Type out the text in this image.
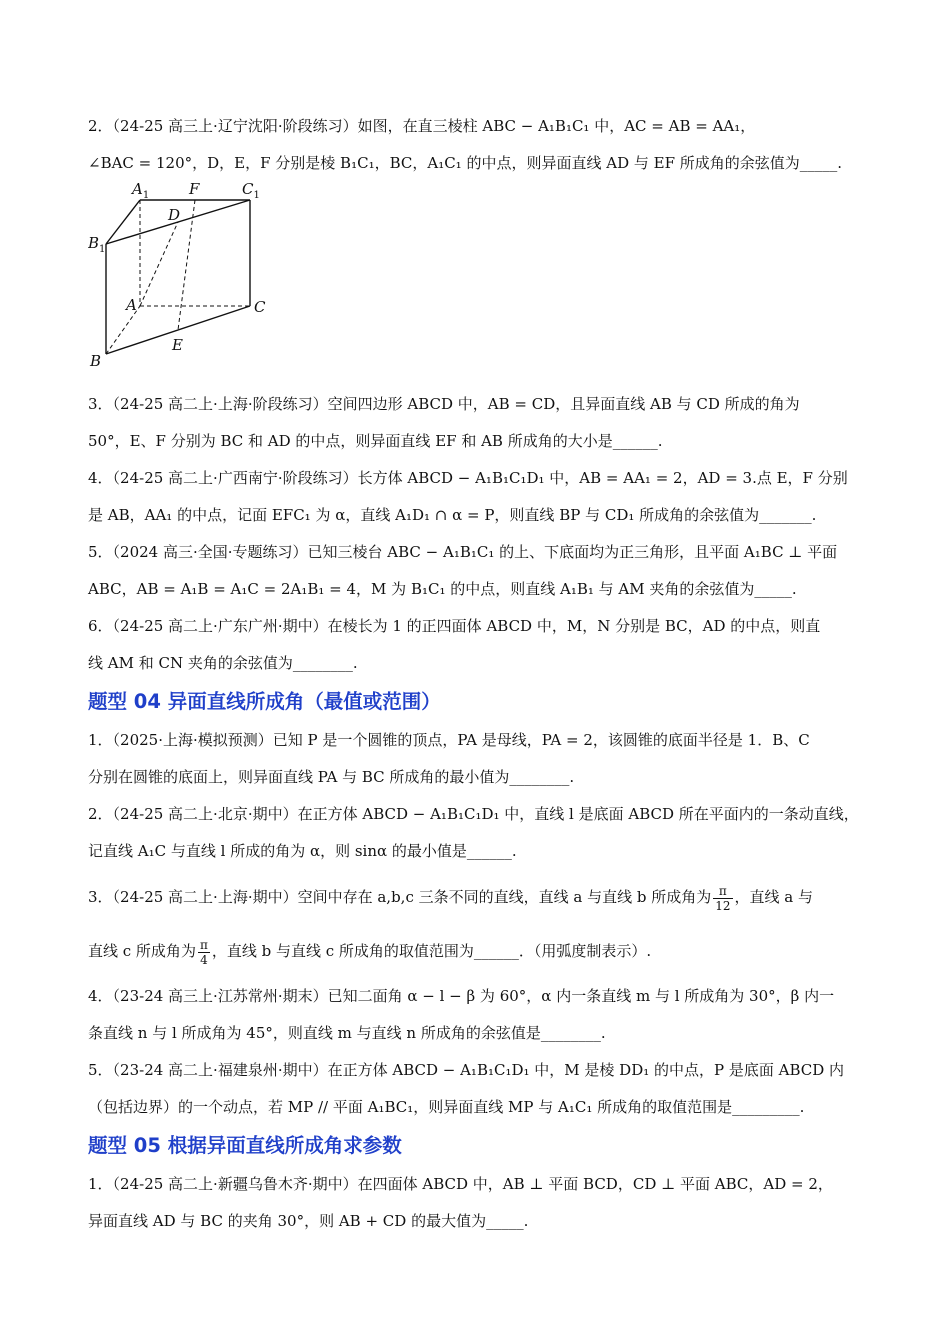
2．（24-25 高三上·辽宁沈阳·阶段练习）如图，在直三棱柱 ABC − A₁B₁C₁ 中，AC = AB = AA₁，
∠BAC = 120°，D，E，F 分别是棱 B₁C₁，BC，A₁C₁ 的中点，则异面直线 AD 与 EF 所成角的余弦值为_____.

$A_1$	F	$C_1$
D
$B_1$
A	C
B
E

3．（24-25 高二上·上海·阶段练习）空间四边形 ABCD 中，AB = CD，且异面直线 AB 与 CD 所成的角为
50°，E、F 分别为 BC 和 AD 的中点，则异面直线 EF 和 AB 所成角的大小是______.

4．（24-25 高二上·广西南宁·阶段练习）长方体 ABCD − A₁B₁C₁D₁ 中，AB = AA₁ = 2，AD = 3.点 E，F 分别
是 AB，AA₁ 的中点，记面 EFC₁ 为 α，直线 A₁D₁ ∩ α = P，则直线 BP 与 CD₁ 所成角的余弦值为_______.

5．（2024 高三·全国·专题练习）已知三棱台 ABC − A₁B₁C₁ 的上、下底面均为正三角形，且平面 A₁BC ⊥ 平面
ABC，AB = A₁B = A₁C = 2A₁B₁ = 4，M 为 B₁C₁ 的中点，则直线 A₁B₁ 与 AM 夹角的余弦值为_____.

6．（24-25 高二上·广东广州·期中）在棱长为 1 的正四面体 ABCD 中，M，N 分别是 BC，AD 的中点，则直
线 AM 和 CN 夹角的余弦值为________.

题型 04 异面直线所成角（最值或范围）

1．（2025·上海·模拟预测）已知 P 是一个圆锥的顶点，PA 是母线，PA = 2，该圆锥的底面半径是 1．B、C
分别在圆锥的底面上，则异面直线 PA 与 BC 所成角的最小值为________.

2．（24-25 高二上·北京·期中）在正方体 ABCD − A₁B₁C₁D₁ 中，直线 l 是底面 ABCD 所在平面内的一条动直线，
记直线 A₁C 与直线 l 所成的角为 α，则 sinα 的最小值是______.

3．（24-25 高二上·上海·期中）空间中存在 a,b,c 三条不同的直线，直线 a 与直线 b 所成角为 $\frac{\pi}{12}$ ，直线 a 与
直线 c 所成角为 $\frac{\pi}{4}$ ，直线 b 与直线 c 所成角的取值范围为______．（用弧度制表示）.

4．（23-24 高三上·江苏常州·期末）已知二面角 α − l − β 为 60°，α 内一条直线 m 与 l 所成角为 30°，β 内一
条直线 n 与 l 所成角为 45°，则直线 m 与直线 n 所成角的余弦值是________.

5．（23-24 高二上·福建泉州·期中）在正方体 ABCD − A₁B₁C₁D₁ 中，M 是棱 DD₁ 的中点，P 是底面 ABCD 内
（包括边界）的一个动点，若 MP // 平面 A₁BC₁，则异面直线 MP 与 A₁C₁ 所成角的取值范围是_________.

题型 05 根据异面直线所成角求参数

1．（24-25 高二上·新疆乌鲁木齐·期中）在四面体 ABCD 中，AB ⊥ 平面 BCD，CD ⊥ 平面 ABC，AD = 2，
异面直线 AD 与 BC 的夹角 30°，则 AB + CD 的最大值为_____.
